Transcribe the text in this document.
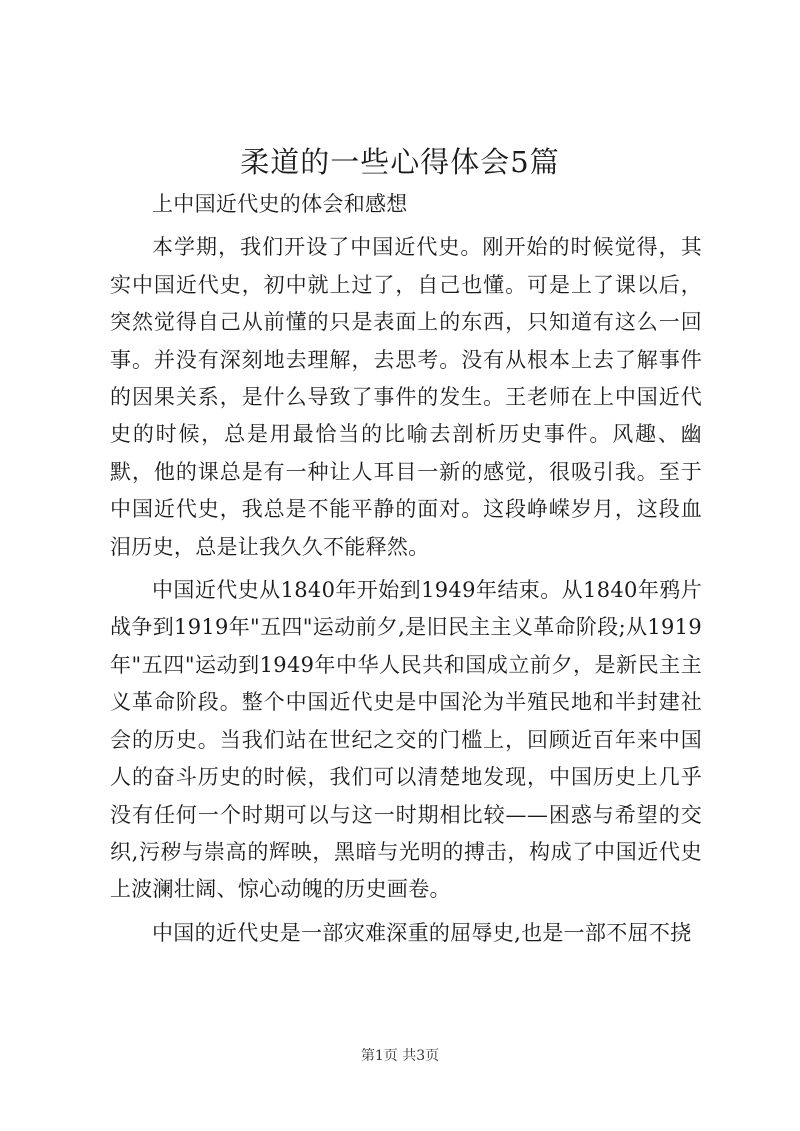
柔道的一些心得体会5篇

上中国近代史的体会和感想

本学期，我们开设了中国近代史。刚开始的时候觉得，其实中国近代史，初中就上过了，自己也懂。可是上了课以后，突然觉得自己从前懂的只是表面上的东西，只知道有这么一回事。并没有深刻地去理解，去思考。没有从根本上去了解事件的因果关系，是什么导致了事件的发生。王老师在上中国近代史的时候，总是用最恰当的比喻去剖析历史事件。风趣、幽默，他的课总是有一种让人耳目一新的感觉，很吸引我。至于中国近代史，我总是不能平静的面对。这段峥嵘岁月，这段血泪历史，总是让我久久不能释然。

中国近代史从1840年开始到1949年结束。从1840年鸦片战争到1919年"五四"运动前夕,是旧民主主义革命阶段;从1919年"五四"运动到1949年中华人民共和国成立前夕，是新民主主义革命阶段。整个中国近代史是中国沦为半殖民地和半封建社会的历史。当我们站在世纪之交的门槛上，回顾近百年来中国人的奋斗历史的时候，我们可以清楚地发现，中国历史上几乎没有任何一个时期可以与这一时期相比较——困惑与希望的交织,污秽与崇高的辉映，黑暗与光明的搏击，构成了中国近代史上波澜壮阔、惊心动魄的历史画卷。

中国的近代史是一部灾难深重的屈辱史,也是一部不屈不挠

第1页 共3页
